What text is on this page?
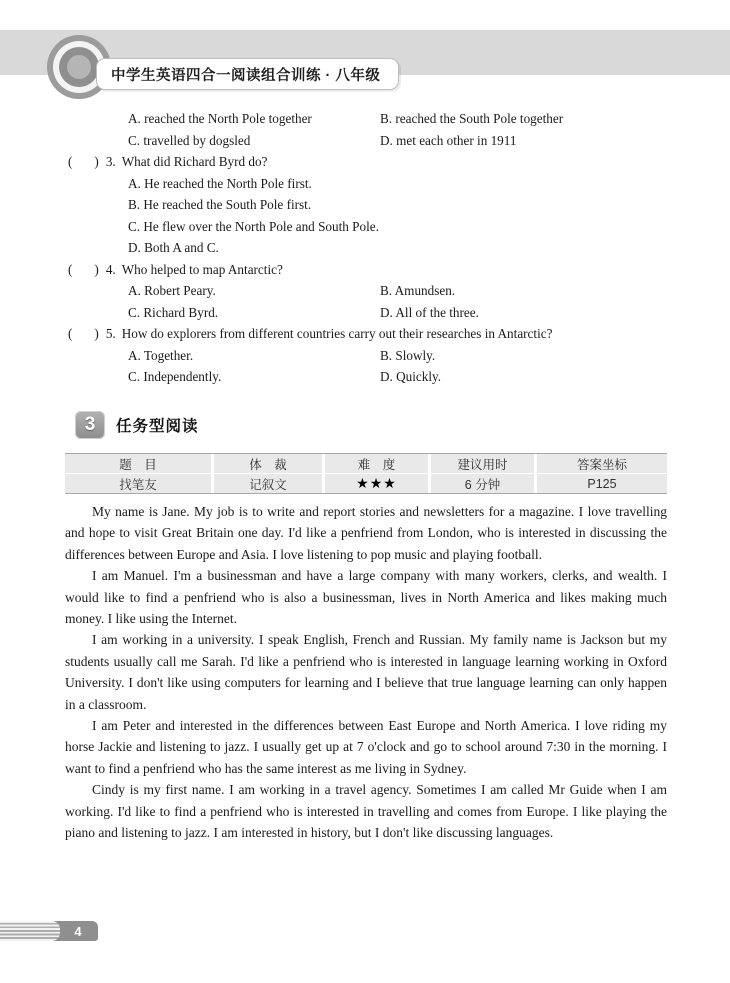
中学生英语四合一阅读组合训练 · 八年级
A. reached the North Pole together	B. reached the South Pole together
C. travelled by dogsled	D. met each other in 1911
( ) 3. What did Richard Byrd do?
A. He reached the North Pole first.
B. He reached the South Pole first.
C. He flew over the North Pole and South Pole.
D. Both A and C.
( ) 4. Who helped to map Antarctic?
A. Robert Peary.	B. Amundsen.
C. Richard Byrd.	D. All of the three.
( ) 5. How do explorers from different countries carry out their researches in Antarctic?
A. Together.	B. Slowly.
C. Independently.	D. Quickly.
3	任务型阅读
题　目	体　裁	难　度	建议用时	答案坐标
找笔友	记叙文	★★★	6 分钟	P125

My name is Jane. My job is to write and report stories and newsletters for a magazine. I love travelling and hope to visit Great Britain one day. I'd like a penfriend from London, who is interested in discussing the differences between Europe and Asia. I love listening to pop music and playing football.

I am Manuel. I'm a businessman and have a large company with many workers, clerks, and wealth. I would like to find a penfriend who is also a businessman, lives in North America and likes making much money. I like using the Internet.

I am working in a university. I speak English, French and Russian. My family name is Jackson but my students usually call me Sarah. I'd like a penfriend who is interested in language learning working in Oxford University. I don't like using computers for learning and I believe that true language learning can only happen in a classroom.

I am Peter and interested in the differences between East Europe and North America. I love riding my horse Jackie and listening to jazz. I usually get up at 7 o'clock and go to school around 7:30 in the morning. I want to find a penfriend who has the same interest as me living in Sydney.

Cindy is my first name. I am working in a travel agency. Sometimes I am called Mr Guide when I am working. I'd like to find a penfriend who is interested in travelling and comes from Europe. I like playing the piano and listening to jazz. I am interested in history, but I don't like discussing languages.

4
